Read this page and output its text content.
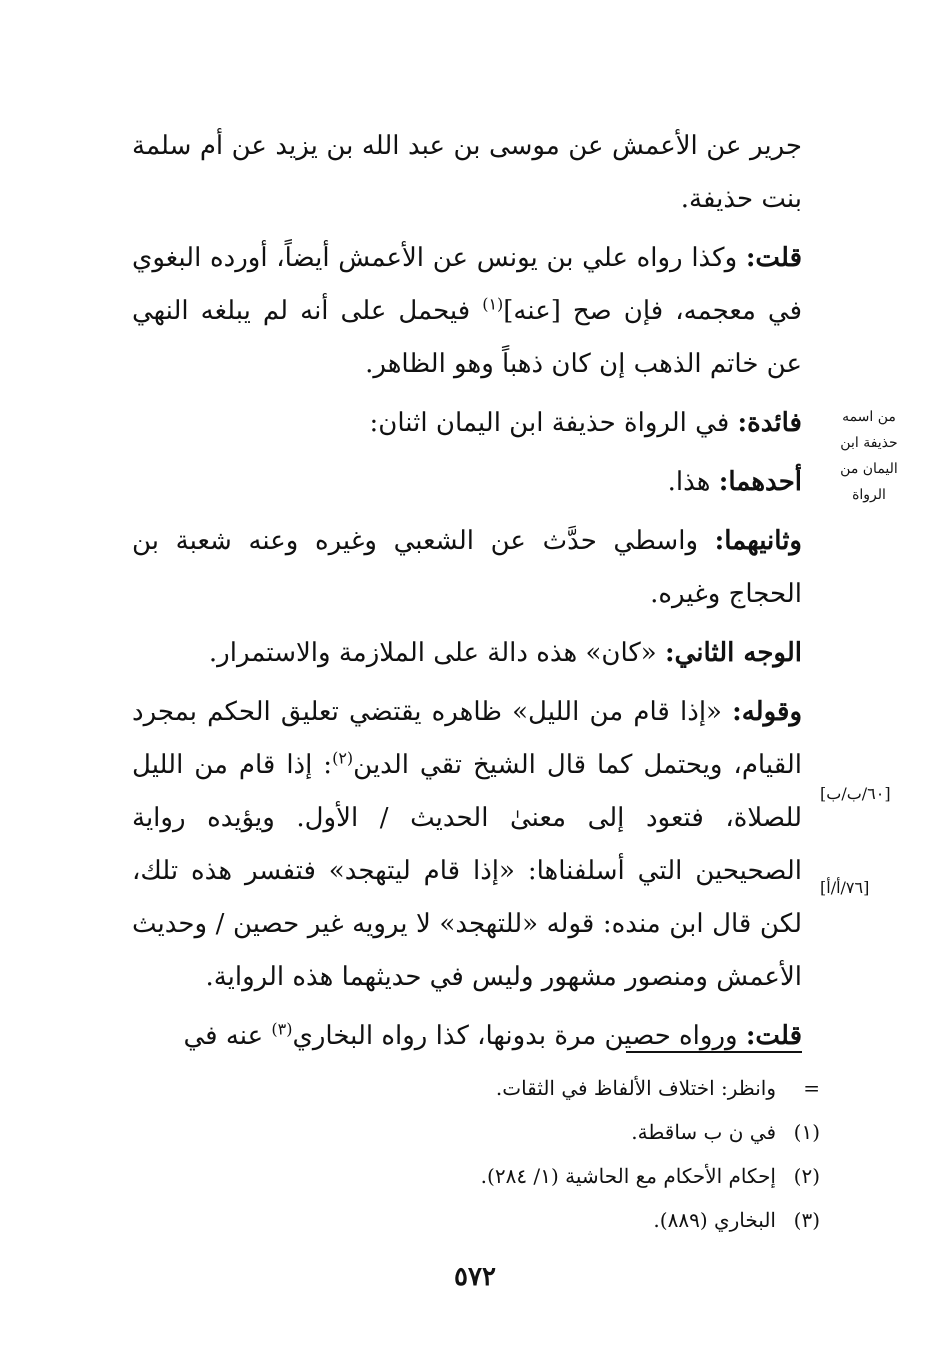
جرير عن الأعمش عن موسى بن عبد الله بن يزيد عن أم سلمة بنت حذيفة.

قلت: وكذا رواه علي بن يونس عن الأعمش أيضاً، أورده البغوي في معجمه، فإن صح [عنه]$^{(١)}$ فيحمل على أنه لم يبلغه النهي عن خاتم الذهب إن كان ذهباً وهو الظاهر.

فائدة: في الرواة حذيفة ابن اليمان اثنان:

أحدهما: هذا.

وثانيهما: واسطي حدَّث عن الشعبي وغيره وعنه شعبة بن الحجاج وغيره.

الوجه الثاني: «كان» هذه دالة على الملازمة والاستمرار.

وقوله: «إذا قام من الليل» ظاهره يقتضي تعليق الحكم بمجرد القيام، ويحتمل كما قال الشيخ تقي الدين$^{(٢)}$: إذا قام من الليل للصلاة، فتعود إلى معنىٰ الحديث / الأول. ويؤيده رواية الصحيحين التي أسلفناها: «إذا قام ليتهجد» فتفسر هذه تلك، لكن قال ابن منده: قوله «للتهجد» لا يرويه غير حصين / وحديث الأعمش ومنصور مشهور وليس في حديثهما هذه الرواية.

قلت: ورواه حصين مرة بدونها، كذا رواه البخاري$^{(٣)}$ عنه في

من اسمه
حذيفة ابن
اليمان من
الرواة
[٦٠/ب/ب]
[٧٦/أ/أ]
=
وانظر: اختلاف الألفاظ في الثقات.
(١)
في ن ب ساقطة.
(٢)
إحكام الأحكام مع الحاشية (١/ ٢٨٤).
(٣)
البخاري (٨٨٩).
٥٧٢
